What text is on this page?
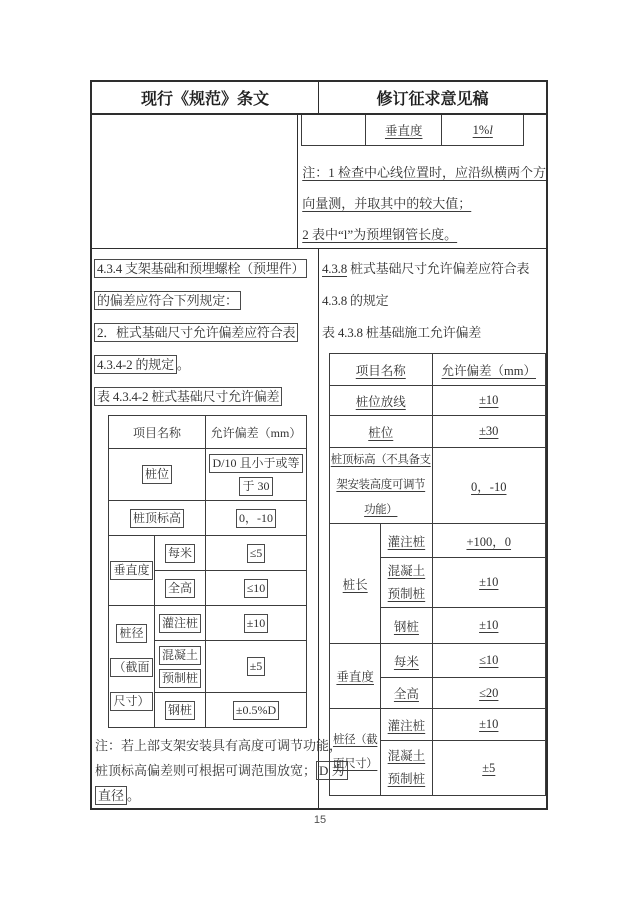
现行《规范》条文	修订征求意见稿
垂直度	1%l
注：1 检查中心线位置时，应沿纵横两个方
向量测，并取其中的较大值；
2 表中“l”为预埋钢管长度。
4.3.4 支架基础和预埋螺栓（预埋件）
的偏差应符合下列规定：
2．桩式基础尺寸允许偏差应符合表
4.3.4-2 的规定 。
表 4.3.4-2 桩式基础尺寸允许偏差
项目名称		允许偏差（mm）
桩位		D/10 且小于或等
于 30

桩顶标高		0，-10
垂直度	每米	≤5
	全高	≤10

桩径
（截面
尺寸）	灌注桩	±10

	混凝土
预制桩	±5
	钢桩	±0.5%D
注：若上部支架安装具有高度可调节功能，
桩顶标高偏差则可根据可调范围放宽； D 为
直径 。
4.3.8 桩式基础尺寸允许偏差应符合表
4.3.8 的规定
表 4.3.8 桩基础施工允许偏差
项目名称		允许偏差（mm）
桩位放线		±10
桩位		±30

桩顶标高（不具备支
架安装高度可调节
功能）		0，-10
桩长	灌注桩	+100，0

	混凝土
预制桩	±10
	钢桩	±10
垂直度	每米	≤10
	全高	≤20

桩径（截
面尺寸）	灌注桩	±10

	混凝土
预制桩	±5
15
